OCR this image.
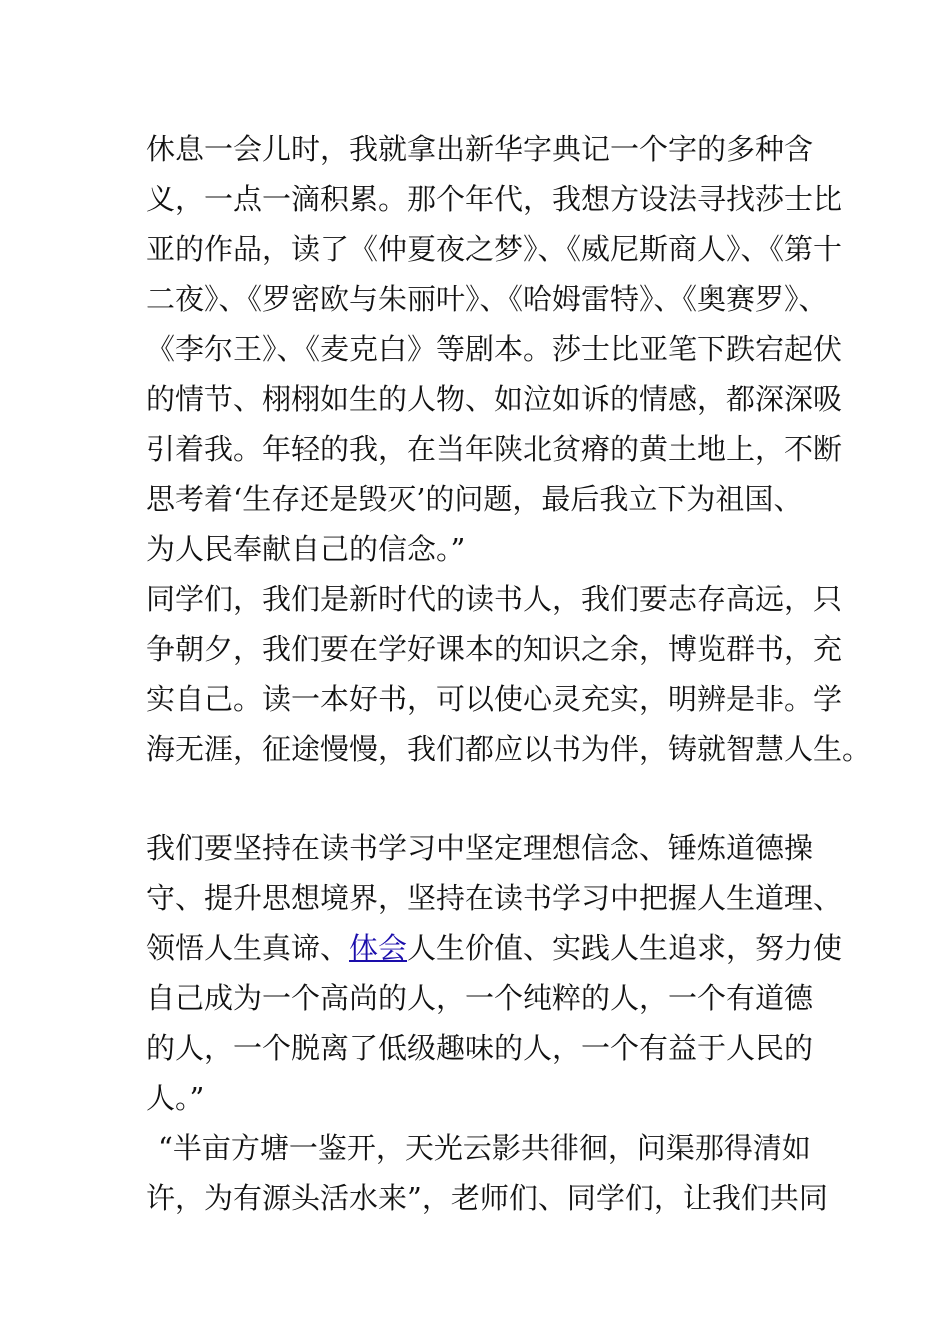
休息一会儿时，我就拿出新华字典记一个字的多种含
义，一点一滴积累。那个年代，我想方设法寻找莎士比
亚的作品，读了《仲夏夜之梦》、《威尼斯商人》、《第十
二夜》、《罗密欧与朱丽叶》、《哈姆雷特》、《奥赛罗》、
《李尔王》、《麦克白》等剧本。莎士比亚笔下跌宕起伏
的情节、栩栩如生的人物、如泣如诉的情感，都深深吸
引着我。年轻的我，在当年陕北贫瘠的黄土地上，不断
思考着‘生存还是毁灭’的问题，最后我立下为祖国、
为人民奉献自己的信念。”
同学们，我们是新时代的读书人，我们要志存高远，只
争朝夕，我们要在学好课本的知识之余，博览群书，充
实自己。读一本好书，可以使心灵充实，明辨是非。学
海无涯，征途慢慢，我们都应以书为伴，铸就智慧人生。
我们要坚持在读书学习中坚定理想信念、锤炼道德操
守、提升思想境界，坚持在读书学习中把握人生道理、
领悟人生真谛、体会人生价值、实践人生追求，努力使
自己成为一个高尚的人，一个纯粹的人，一个有道德
的人，一个脱离了低级趣味的人，一个有益于人民的
人。”
“半亩方塘一鉴开，天光云影共徘徊，问渠那得清如
许，为有源头活水来”，老师们、同学们，让我们共同
